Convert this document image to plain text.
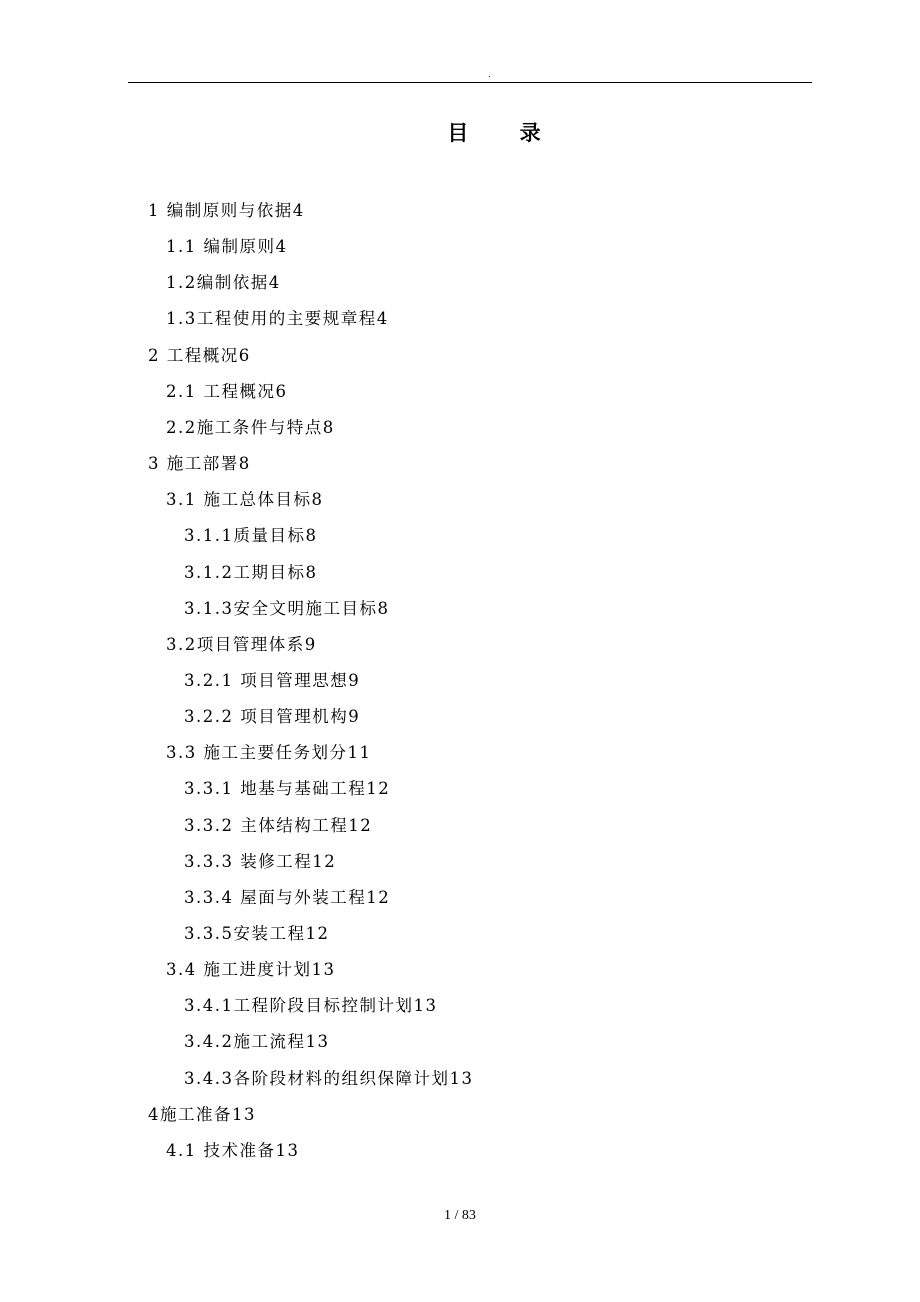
.
目 录
1 编制原则与依据4
1.1 编制原则4
1.2编制依据4
1.3工程使用的主要规章程4
2 工程概况6
2.1 工程概况6
2.2施工条件与特点8
3 施工部署8
3.1 施工总体目标8
3.1.1质量目标8
3.1.2工期目标8
3.1.3安全文明施工目标8
3.2项目管理体系9
3.2.1 项目管理思想9
3.2.2 项目管理机构9
3.3 施工主要任务划分11
3.3.1 地基与基础工程12
3.3.2 主体结构工程12
3.3.3 装修工程12
3.3.4 屋面与外装工程12
3.3.5安装工程12
3.4 施工进度计划13
3.4.1工程阶段目标控制计划13
3.4.2施工流程13
3.4.3各阶段材料的组织保障计划13
4施工准备13
4.1 技术准备13
1 / 83
